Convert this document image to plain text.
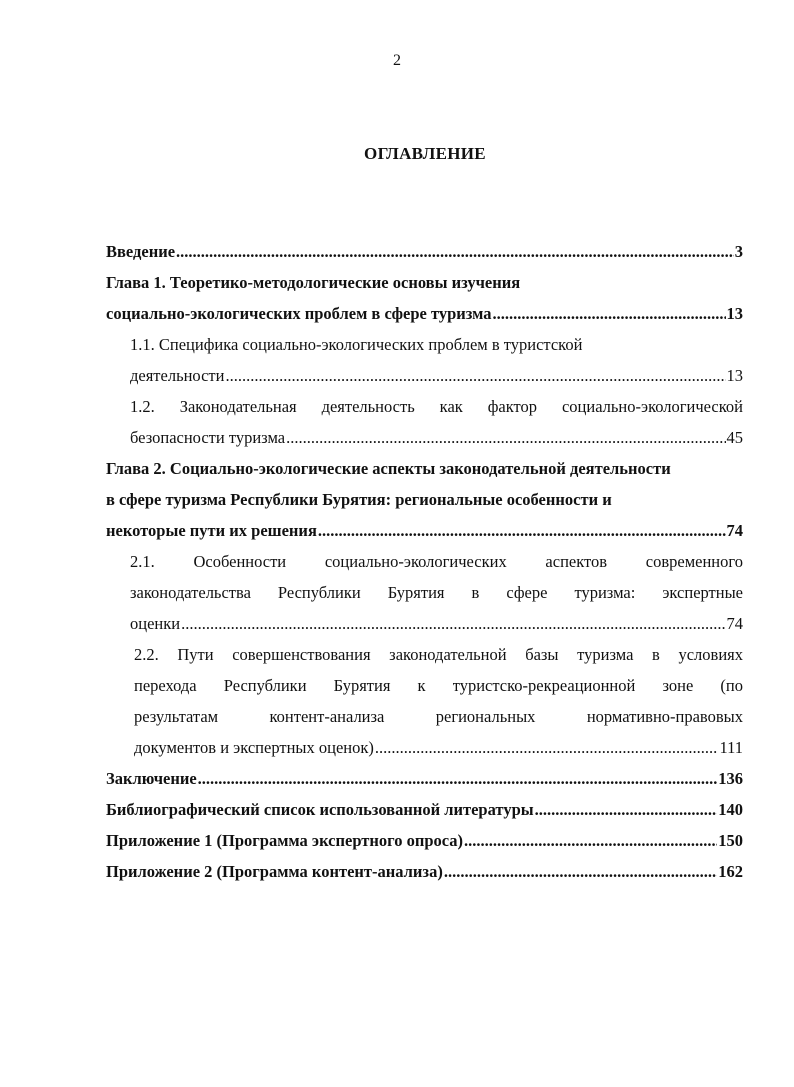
2
ОГЛАВЛЕНИЕ
Введение .....	3
Глава 1. Теоретико-методологические основы изучения
социально-экологических проблем в сфере туризма .....	13
1.1. Специфика социально-экологических проблем в туристской
деятельности .....	13
1.2. Законодательная деятельность как фактор социально-экологической
безопасности туризма .....	45
Глава 2. Социально-экологические аспекты законодательной деятельности
в сфере туризма Республики Бурятия: региональные особенности и
некоторые пути их решения .....	74
2.1. Особенности социально-экологических аспектов современного
законодательства Республики Бурятия в сфере туризма: экспертные
оценки .....	74
2.2. Пути совершенствования законодательной базы туризма в условиях
перехода Республики Бурятия к туристско-рекреационной зоне (по
результатам контент-анализа региональных нормативно-правовых
документов и экспертных оценок) .....	111
Заключение .....	136
Библиографический список использованной литературы .....	140
Приложение 1 (Программа экспертного опроса) .....	150
Приложение 2 (Программа контент-анализа) .....	162
